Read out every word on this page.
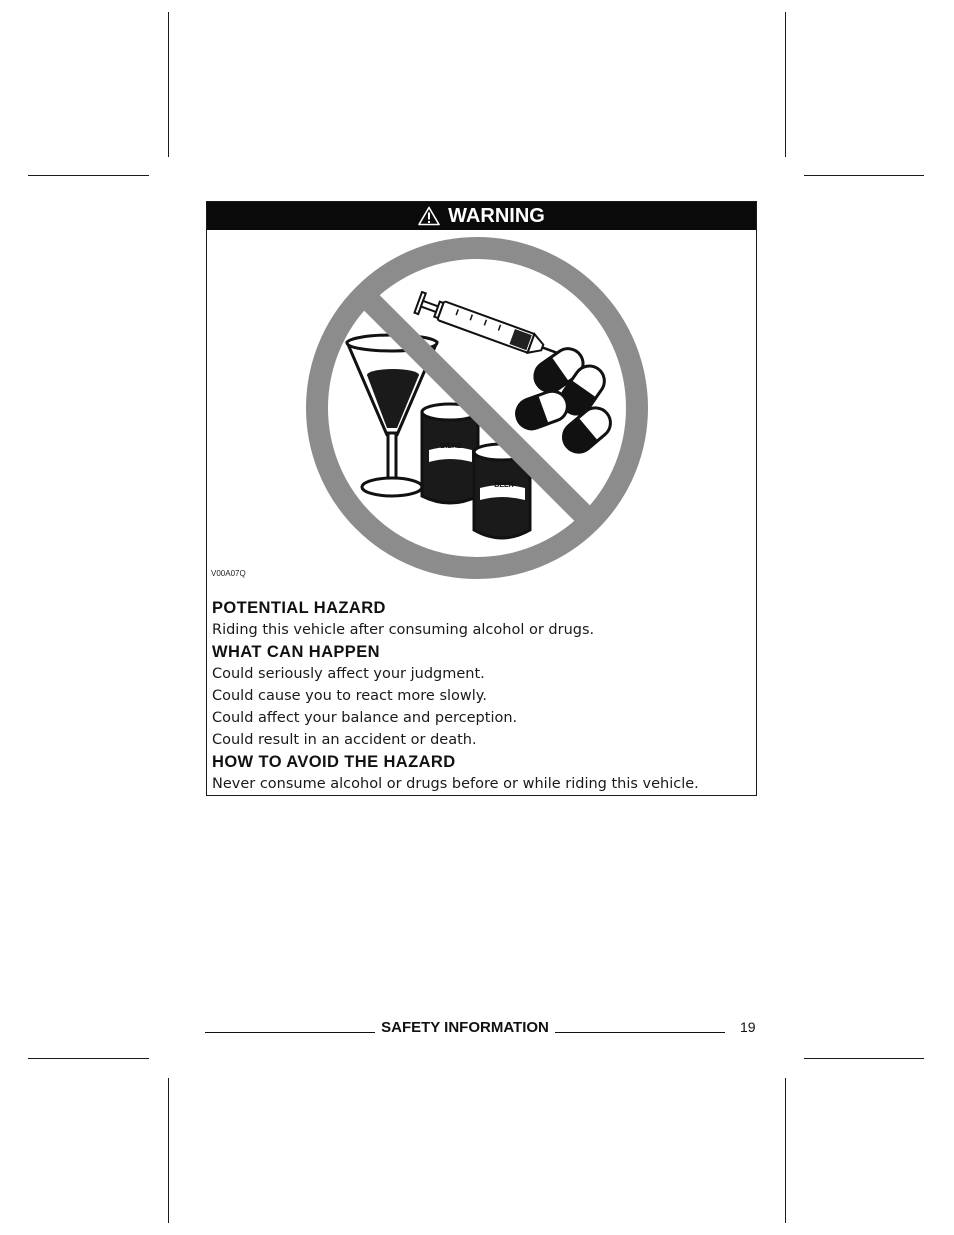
WARNING
BIÈRE
BEER
V00A07Q

POTENTIAL HAZARD

Riding this vehicle after consuming alcohol or drugs.

WHAT CAN HAPPEN

Could seriously affect your judgment.

Could cause you to react more slowly.

Could affect your balance and perception.

Could result in an accident or death.

HOW TO AVOID THE HAZARD

Never consume alcohol or drugs before or while riding this vehicle.

SAFETY INFORMATION	19
